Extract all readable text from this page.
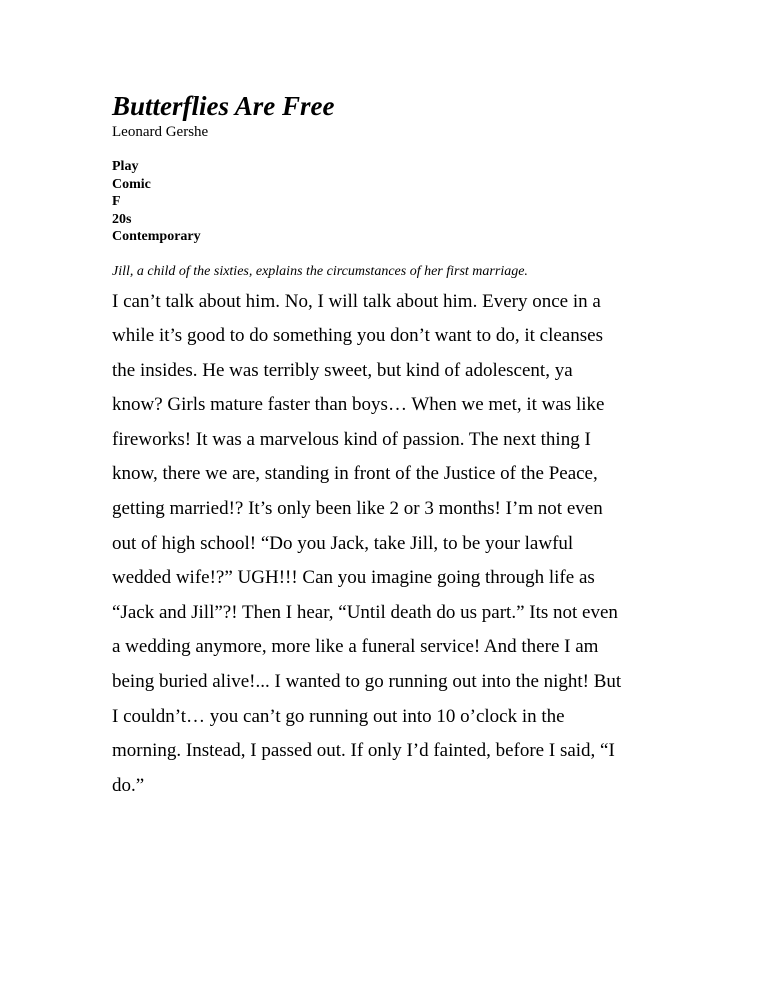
Butterflies Are Free
Leonard Gershe
Play
Comic
F
20s
Contemporary
Jill, a child of the sixties, explains the circumstances of her first marriage.
I can’t talk about him. No, I will talk about him. Every once in a
while it’s good to do something you don’t want to do, it cleanses
the insides. He was terribly sweet, but kind of adolescent, ya
know? Girls mature faster than boys… When we met, it was like
fireworks! It was a marvelous kind of passion. The next thing I
know, there we are, standing in front of the Justice of the Peace,
getting married!? It’s only been like 2 or 3 months! I’m not even
out of high school! “Do you Jack, take Jill, to be your lawful
wedded wife!?” UGH!!! Can you imagine going through life as
“Jack and Jill”?! Then I hear, “Until death do us part.” Its not even
a wedding anymore, more like a funeral service! And there I am
being buried alive!... I wanted to go running out into the night! But
I couldn’t… you can’t go running out into 10 o’clock in the
morning. Instead, I passed out. If only I’d fainted, before I said, “I
do.”
